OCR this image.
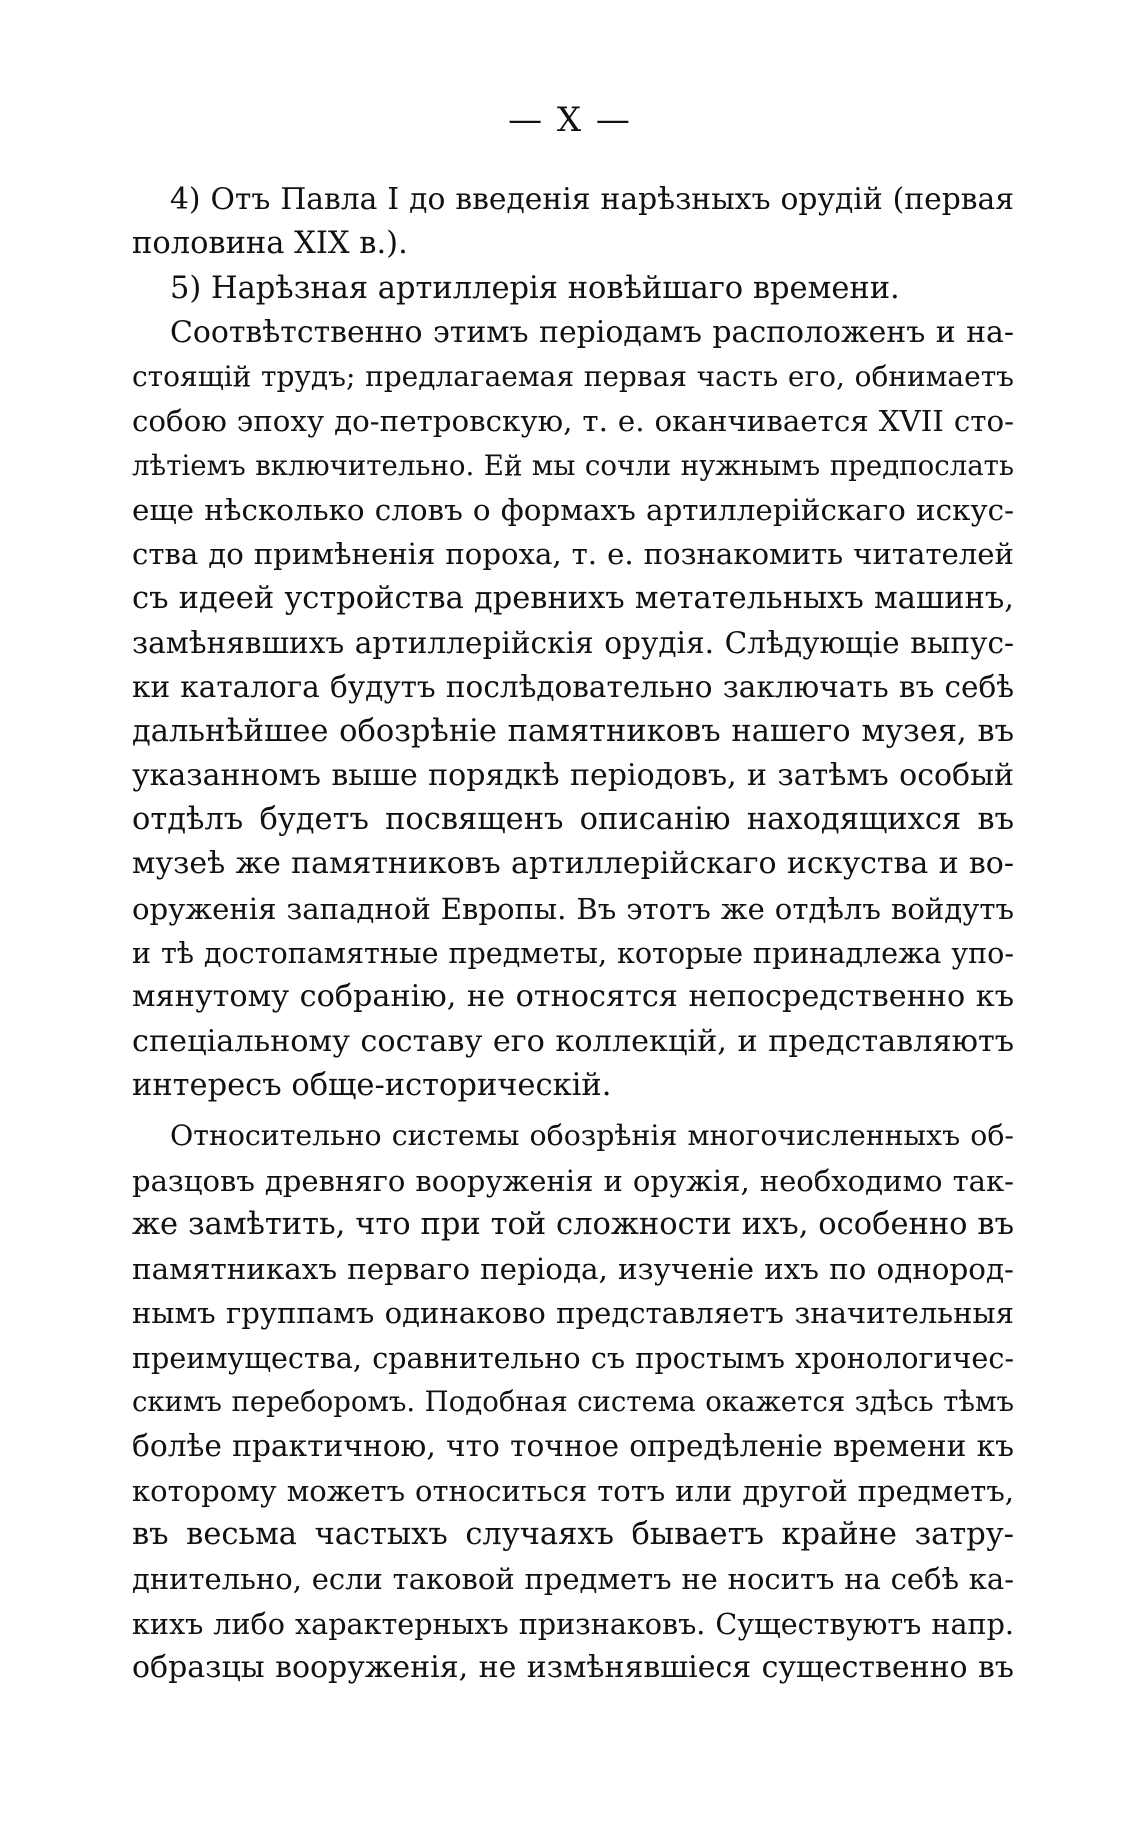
— X —
4) Отъ Павла I до введенія нарѣзныхъ орудій (первая
половина XIX в.).
5) Нарѣзная артиллерія новѣйшаго времени.
Соотвѣтственно этимъ періодамъ расположенъ и на-
стоящій трудъ; предлагаемая первая часть его, обнимаетъ
собою эпоху до-петровскую, т. е. оканчивается XVII сто-
лѣтіемъ включительно. Ей мы сочли нужнымъ предпослать
еще нѣсколько словъ о формахъ артиллерійскаго искус-
ства до примѣненія пороха, т. е. познакомить читателей
съ идеей устройства древнихъ метательныхъ машинъ,
замѣнявшихъ артиллерійскія орудія. Слѣдующіе выпус-
ки каталога будутъ послѣдовательно заключать въ себѣ
дальнѣйшее обозрѣніе памятниковъ нашего музея, въ
указанномъ выше порядкѣ періодовъ, и затѣмъ особый
отдѣлъ будетъ посвященъ описанію находящихся въ
музеѣ же памятниковъ артиллерійскаго искуства и во-
оруженія западной Европы. Въ этотъ же отдѣлъ войдутъ
и тѣ достопамятные предметы, которые принадлежа упо-
мянутому собранію, не относятся непосредственно къ
спеціальному составу его коллекцій, и представляютъ
интересъ обще-историческій.
Относительно системы обозрѣнія многочисленныхъ об-
разцовъ древняго вооруженія и оружія, необходимо так-
же замѣтить, что при той сложности ихъ, особенно въ
памятникахъ перваго періода, изученіе ихъ по однород-
нымъ группамъ одинаково представляетъ значительныя
преимущества, сравнительно съ простымъ хронологичес-
скимъ переборомъ. Подобная система окажется здѣсь тѣмъ
болѣе практичною, что точное опредѣленіе времени къ
которому можетъ относиться тотъ или другой предметъ,
въ весьма частыхъ случаяхъ бываетъ крайне затру-
днительно, если таковой предметъ не носитъ на себѣ ка-
кихъ либо характерныхъ признаковъ. Существуютъ напр.
образцы вооруженія, не измѣнявшіеся существенно въ
